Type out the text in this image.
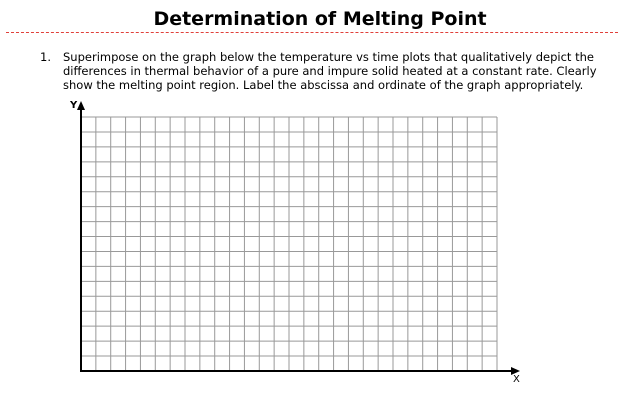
Determination of Melting Point
1. Superimpose on the graph below the temperature vs time plots that qualitatively depict the differences in thermal behavior of a pure and impure solid heated at a constant rate. Clearly show the melting point region. Label the abscissa and ordinate of the graph appropriately.
Y
X
